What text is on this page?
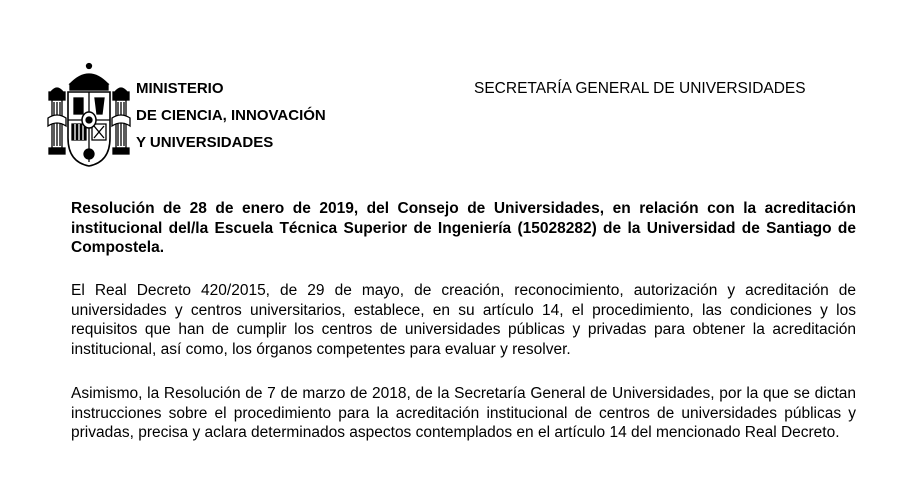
MINISTERIO
DE CIENCIA, INNOVACIÓN
Y UNIVERSIDADES
SECRETARÍA GENERAL DE UNIVERSIDADES
Resolución de 28 de enero de 2019, del Consejo de Universidades, en relación con la acreditación institucional del/la Escuela Técnica Superior de Ingeniería (15028282) de la Universidad de Santiago de Compostela.
El Real Decreto 420/2015, de 29 de mayo, de creación, reconocimiento, autorización y acreditación de universidades y centros universitarios, establece, en su artículo 14, el procedimiento, las condiciones y los requisitos que han de cumplir los centros de universidades públicas y privadas para obtener la acreditación institucional, así como, los órganos competentes para evaluar y resolver.
Asimismo, la Resolución de 7 de marzo de 2018, de la Secretaría General de Universidades, por la que se dictan instrucciones sobre el procedimiento para la acreditación institucional de centros de universidades públicas y privadas, precisa y aclara determinados aspectos contemplados en el artículo 14 del mencionado Real Decreto.
